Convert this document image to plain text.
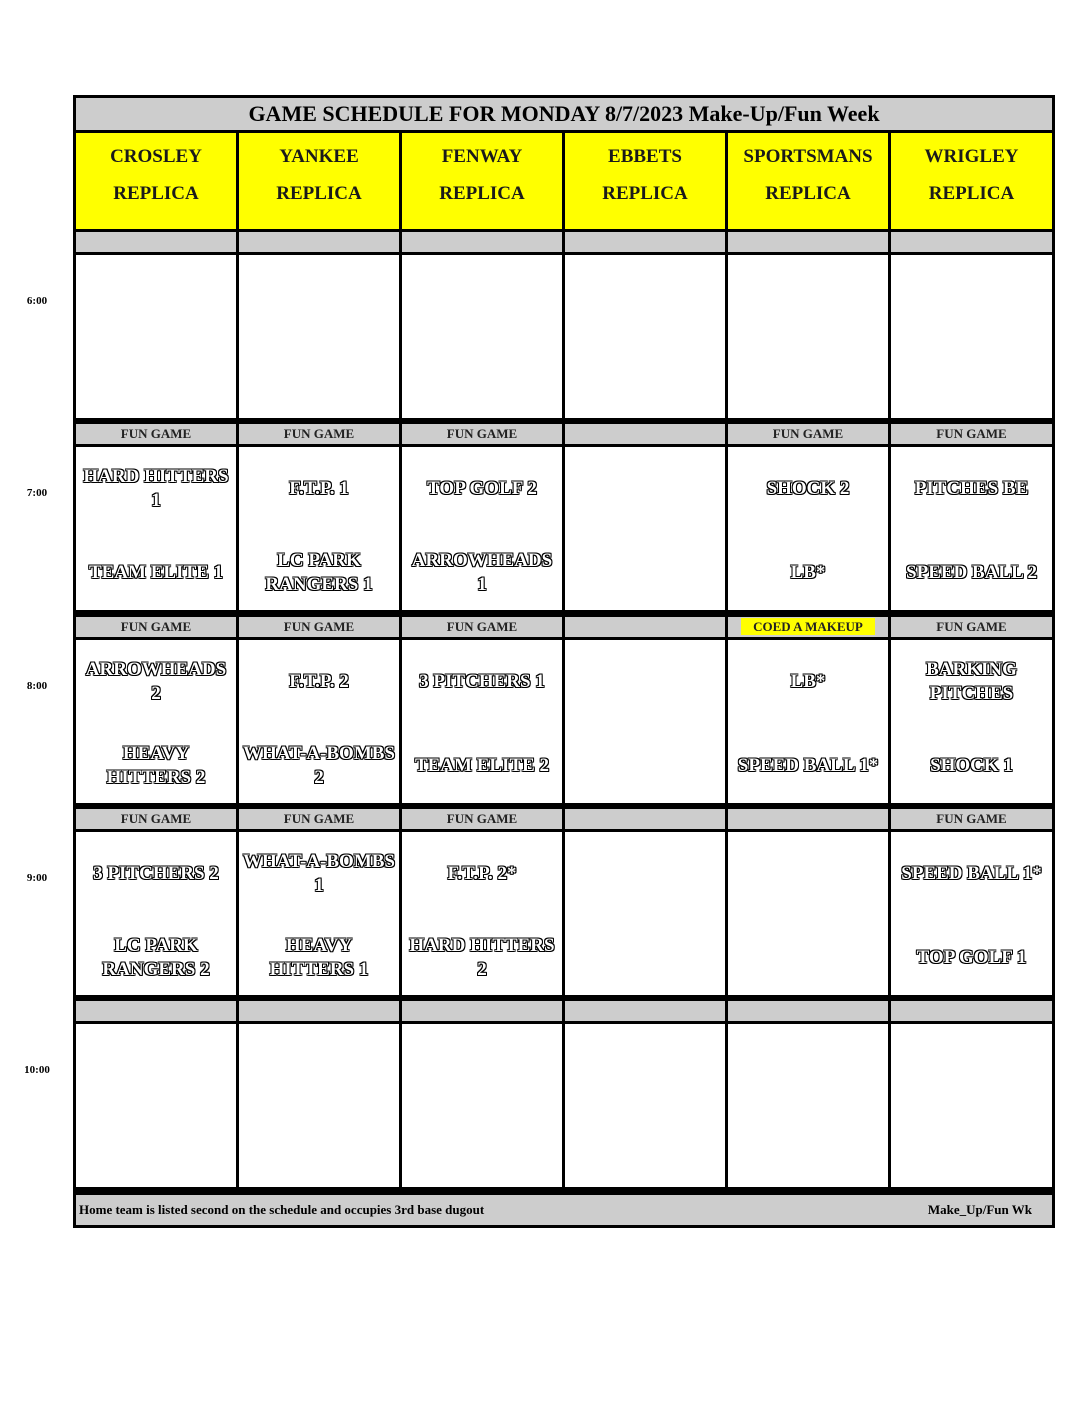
6:00
7:00
8:00
9:00
10:00
GAME SCHEDULE FOR MONDAY 8/7/2023 Make-Up/Fun Week
CROSLEY
REPLICA
YANKEE
REPLICA
FENWAY
REPLICA
EBBETS
REPLICA
SPORTSMANS
REPLICA
WRIGLEY
REPLICA
FUN GAME
HARD HITTERS 1
TEAM ELITE 1
FUN GAME
F.T.P. 1
LC PARK RANGERS 1
FUN GAME
TOP GOLF 2
ARROWHEADS 1
FUN GAME
SHOCK 2
LB*
FUN GAME
PITCHES BE
SPEED BALL 2
FUN GAME
ARROWHEADS 2
HEAVY HITTERS 2
FUN GAME
F.T.P. 2
WHAT-A-BOMBS 2
FUN GAME
3 PITCHERS 1
TEAM ELITE 2
COED A MAKEUP
LB*
SPEED BALL 1*
FUN GAME
BARKING PITCHES
SHOCK 1
FUN GAME
3 PITCHERS 2
LC PARK RANGERS 2
FUN GAME
WHAT-A-BOMBS 1
HEAVY HITTERS 1
FUN GAME
F.T.P. 2*
HARD HITTERS 2
FUN GAME
SPEED BALL 1*
TOP GOLF 1
Home team is listed second on the schedule and occupies 3rd base dugout	Make_Up/Fun Wk
